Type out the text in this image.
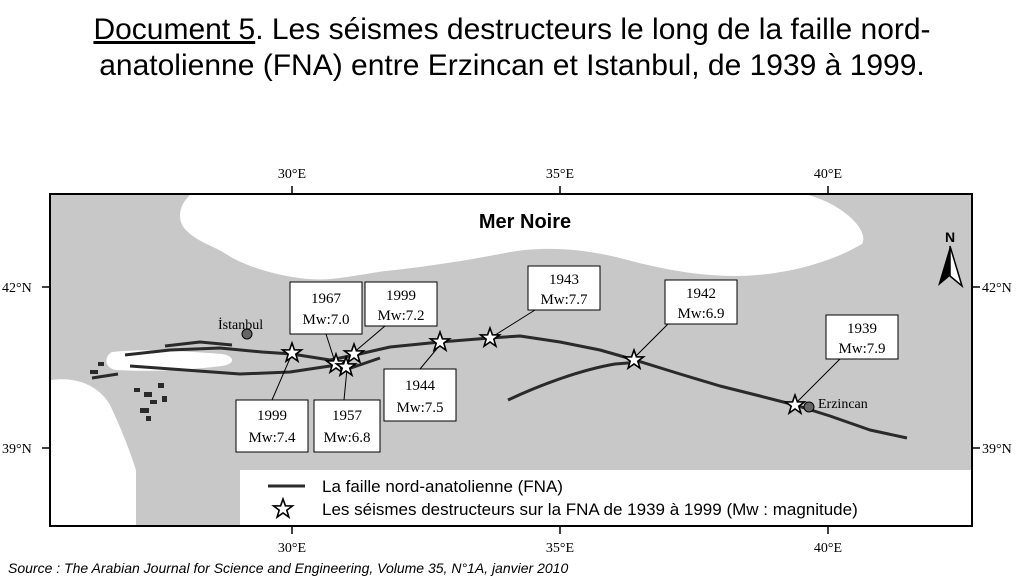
Document 5. Les séismes destructeurs le long de la faille nord-
anatolienne (FNA) entre Erzincan et Istanbul, de 1939 à 1999.
İstanbul
Erzincan
Mer Noire
N
30°E	35°E	40°E
30°E	35°E	40°E
42°N
39°N
42°N
39°N
1967
Mw:7.0
1999
Mw:7.2
1943
Mw:7.7	1942
Mw:6.9
1939
Mw:7.9
1999
Mw:7.4
1957
Mw:6.8
1944
Mw:7.5
La faille nord-anatolienne (FNA)
Les séismes destructeurs sur la FNA de 1939 à 1999 (Mw : magnitude)
Source : The Arabian Journal for Science and Engineering, Volume 35, N°1A, janvier 2010
